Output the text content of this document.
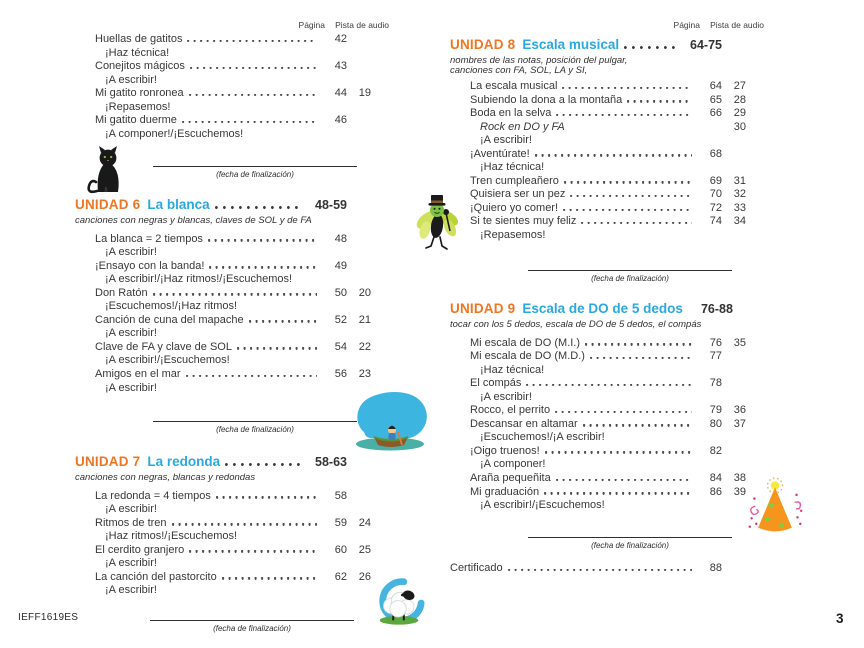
Página Pista de audio
Huellas de gatitos	42
¡Haz técnica!
Conejitos mágicos	43
¡A escribir!
Mi gatito ronronea	44	19
¡Repasemos!
Mi gatito duerme	46
¡A componer!/¡Escuchemos!
(fecha de finalización)
UNIDAD 6 La blanca	48-59
canciones con negras y blancas, claves de SOL y de FA
La blanca = 2 tiempos	48
¡A escribir!
¡Ensayo con la banda!	49
¡A escribir!/¡Haz ritmos!/¡Escuchemos!
Don Ratón	50	20
¡Escuchemos!/¡Haz ritmos!
Canción de cuna del mapache	52	21
¡A escribir!
Clave de FA y clave de SOL	54	22
¡A escribir!/¡Escuchemos!
Amigos en el mar	56	23
¡A escribir!
(fecha de finalización)
UNIDAD 7 La redonda	58-63
canciones con negras, blancas y redondas
La redonda = 4 tiempos	58
¡A escribir!
Ritmos de tren	59	24
¡Haz ritmos!/¡Escuchemos!
El cerdito granjero	60	25
¡A escribir!
La canción del pastorcito	62	26
¡A escribir!
(fecha de finalización)
IEFF1619ES
Página Pista de audio
UNIDAD 8 Escala musical	64-75
nombres de las notas, posición del pulgar,
canciones con FA, SOL, LA y SI,
La escala musical	64	27
Subiendo la dona a la montaña	65	28
Boda en la selva	66	29
Rock en DO y FA	30
¡A escribir!
¡Aventúrate!	68
¡Haz técnica!
Tren cumpleañero	69	31
Quisiera ser un pez	70	32
¡Quiero yo comer!	72	33
Si te sientes muy feliz	74	34
¡Repasemos!
(fecha de finalización)
UNIDAD 9 Escala de DO de 5 dedos	76-88
tocar con los 5 dedos, escala de DO de 5 dedos, el compás
Mi escala de DO (M.I.)	76	35
Mi escala de DO (M.D.)	77
¡Haz técnica!
El compás	78
¡A escribir!
Rocco, el perrito	79	36
Descansar en altamar	80	37
¡Escuchemos!/¡A escribir!
¡Oigo truenos!	82
¡A componer!
Araña pequeñita	84	38
Mi graduación	86	39
¡A escribir!/¡Escuchemos!
(fecha de finalización)
Certificado	88
3
